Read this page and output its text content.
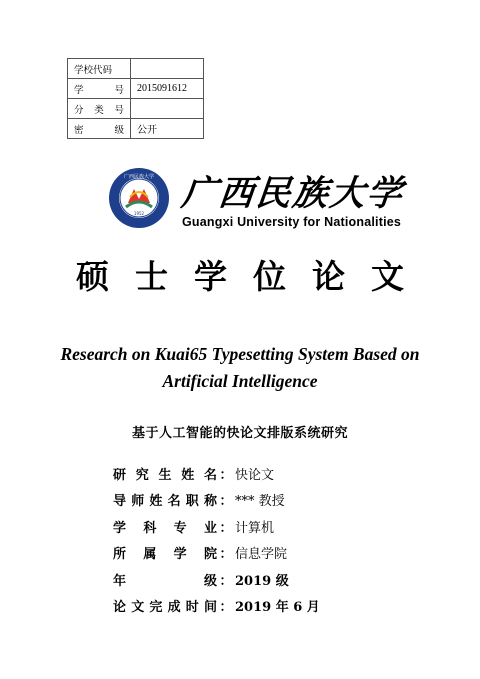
学校代码	

学 号	2015091612

分 类 号	

密 级	公开
1952
广西民族大学 广西民族大学
Guangxi University for Nationalities
硕士学位论文
Research on Kuai65 Typesetting System Based on
Artificial Intelligence
基于人工智能的快论文排版系统研究
研 究 生 姓 名 ： 快论文
导 师 姓 名 职 称 ： *** 教授
学 科 专 业 ： 计算机
所 属 学 院 ： 信息学院
年	级 ： 2019 级
论 文 完 成 时 间 ： 2019 年 6 月
